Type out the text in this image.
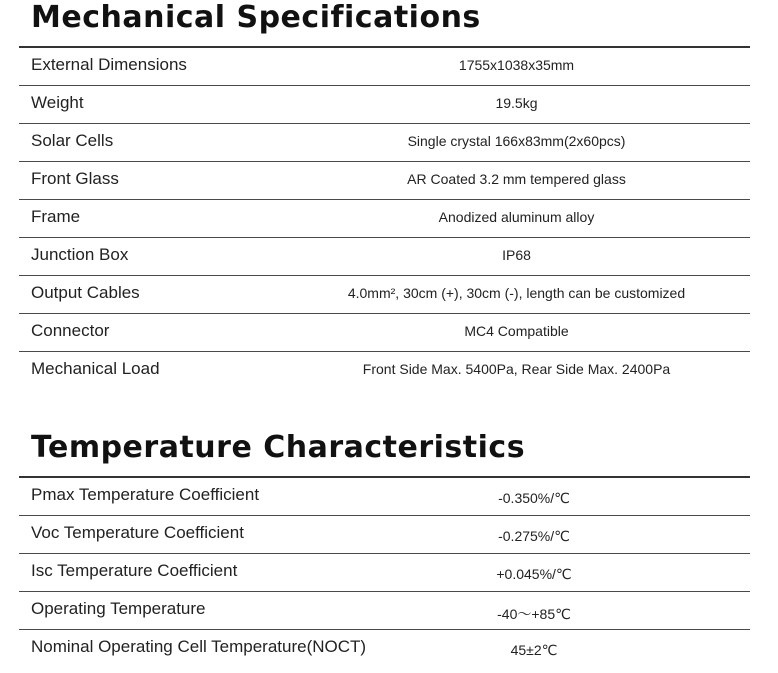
Mechanical Specifications
External Dimensions	1755x1038x35mm
Weight	19.5kg
Solar Cells	Single crystal 166x83mm(2x60pcs)
Front Glass	AR Coated 3.2 mm tempered glass
Frame	Anodized aluminum alloy
Junction Box	IP68
Output Cables	4.0mm², 30cm (+), 30cm (-), length can be customized
Connector	MC4 Compatible
Mechanical Load	Front Side Max. 5400Pa, Rear Side Max. 2400Pa
Temperature Characteristics
Pmax Temperature Coefficient	-0.350%/℃
Voc Temperature Coefficient	-0.275%/℃
Isc Temperature Coefficient	+0.045%/℃
Operating Temperature	-40～+85℃
Nominal Operating Cell Temperature(NOCT)	45±2℃
